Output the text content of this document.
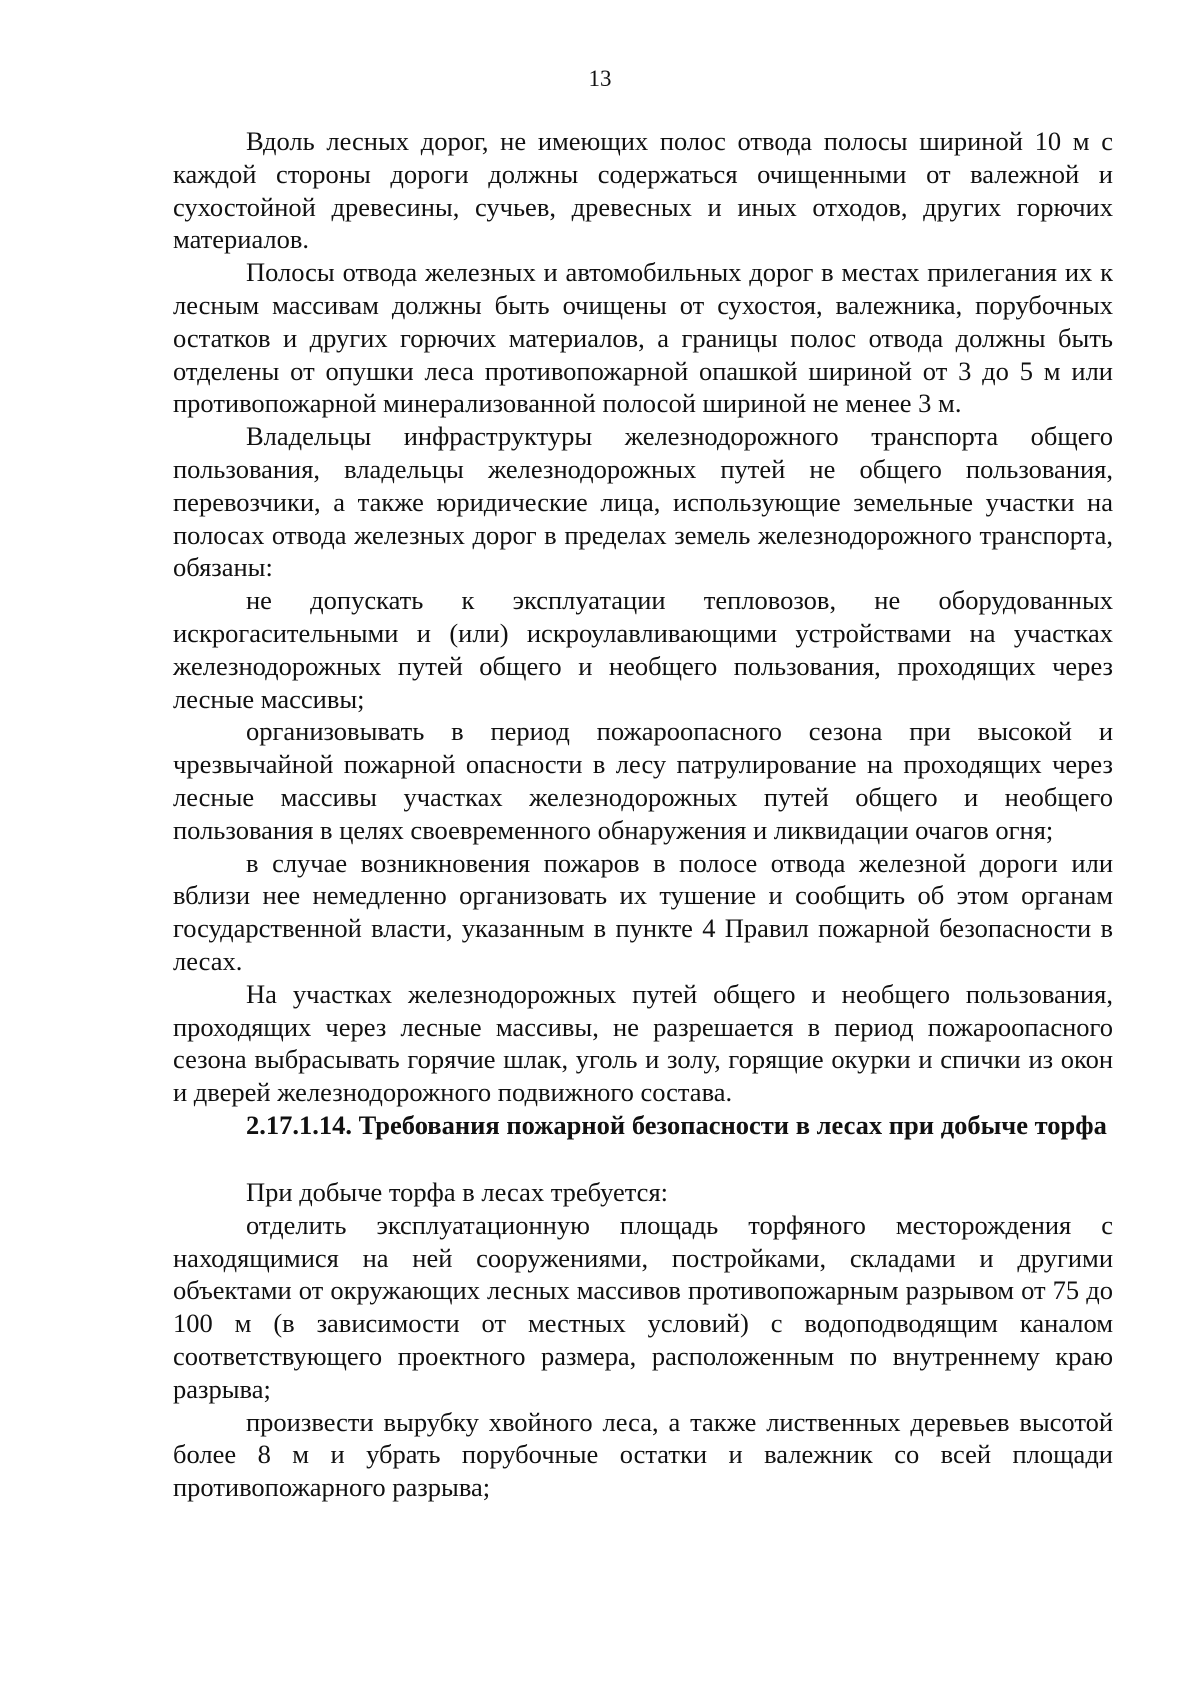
13

Вдоль лесных дорог, не имеющих полос отвода полосы шириной 10 м с каждой стороны дороги должны содержаться очищенными от валежной и сухостойной древесины, сучьев, древесных и иных отходов, других горючих материалов.

Полосы отвода железных и автомобильных дорог в местах прилегания их к лесным массивам должны быть очищены от сухостоя, валежника, порубочных остатков и других горючих материалов, а границы полос отвода должны быть отделены от опушки леса противопожарной опашкой шириной от 3 до 5 м или противопожарной минерализованной полосой шириной не менее 3 м.

Владельцы инфраструктуры железнодорожного транспорта общего пользования, владельцы железнодорожных путей не общего пользования, перевозчики, а также юридические лица, использующие земельные участки на полосах отвода железных дорог в пределах земель железнодорожного транспорта, обязаны:

не допускать к эксплуатации тепловозов, не оборудованных искрогасительными и (или) искроулавливающими устройствами на участках железнодорожных путей общего и необщего пользования, проходящих через лесные массивы;

организовывать в период пожароопасного сезона при высокой и чрезвычайной пожарной опасности в лесу патрулирование на проходящих через лесные массивы участках железнодорожных путей общего и необщего пользования в целях своевременного обнаружения и ликвидации очагов огня;

в случае возникновения пожаров в полосе отвода железной дороги или вблизи нее немедленно организовать их тушение и сообщить об этом органам государственной власти, указанным в пункте 4 Правил пожарной безопасности в лесах.

На участках железнодорожных путей общего и необщего пользования, проходящих через лесные массивы, не разрешается в период пожароопасного сезона выбрасывать горячие шлак, уголь и золу, горящие окурки и спички из окон и дверей железнодорожного подвижного состава.

2.17.1.14. Требования пожарной безопасности в лесах при добыче торфа

При добыче торфа в лесах требуется:

отделить эксплуатационную площадь торфяного месторождения с находящимися на ней сооружениями, постройками, складами и другими объектами от окружающих лесных массивов противопожарным разрывом от 75 до 100 м (в зависимости от местных условий) с водоподводящим каналом соответствующего проектного размера, расположенным по внутреннему краю разрыва;

произвести вырубку хвойного леса, а также лиственных деревьев высотой более 8 м и убрать порубочные остатки и валежник со всей площади противопожарного разрыва;
